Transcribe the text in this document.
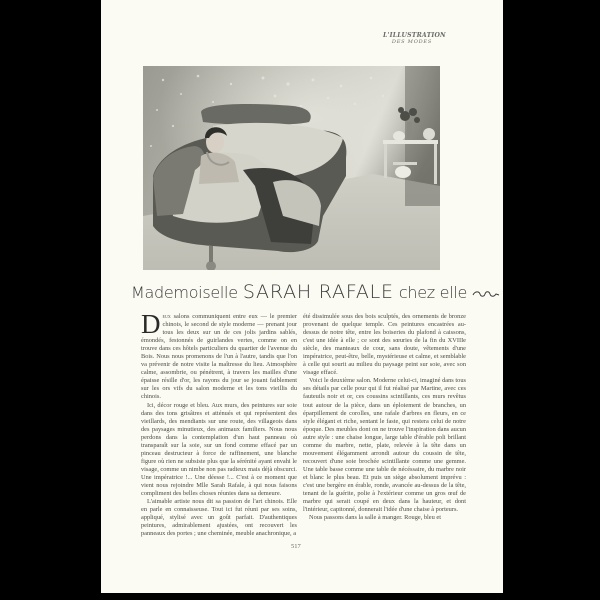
L'ILLUSTRATION
DES MODES
Mademoiselle SARAH RAFALE chez elle

Deux salons communiquent entre eux — le premier chinois, le second de style moderne — prenant jour tous les deux sur un de ces jolis jardins sablés, émondés, festonnés de guirlandes vertes, comme on en trouve dans ces hôtels particuliers du quartier de l'avenue du Bois. Nous nous promenons de l'un à l'autre, tandis que l'on va prévenir de notre visite la maîtresse du lieu. Atmosphère calme, assombrie, ou pénétrent, à travers les mailles d'une épaisse résille d'or, les rayons du jour se jouant faiblement sur les ors vifs du salon moderne et les tons vieillis du chinois.

Ici, décor rouge et bleu. Aux murs, des peintures sur soie dans des tons grisâtres et atténués et qui représentent des vieillards, des mendiants sur une route, des villageois dans des paysages minutieux, des animaux familiers. Nous nous perdons dans la contemplation d'un haut panneau où transparaît sur la soie, sur un fond comme effacé par un pinceau destructeur à force de raffinement, une blanche figure où rien ne subsiste plus que la sérénité ayant envahi le visage, comme un nimbe non pas radieux mais déjà obscurci. Une impératrice !... Une déesse !... C'est à ce moment que vient nous rejoindre Mlle Sarah Rafale, à qui nous faisons compliment des belles choses réunies dans sa demeure.

L'aimable artiste nous dit sa passion de l'art chinois. Elle en parle en connaisseuse. Tout ici fut réuni par ses soins, appliqué, stylisé avec un goût parfait. D'authentiques peintures, admirablement ajustées, ont recouvert les panneaux des portes ; une cheminée, meuble anachronique, a

été dissimulée sous des bois sculptés, des ornements de bronze provenant de quelque temple. Ces peintures encastrées au-dessus de notre tête, entre les boiseries du plafond à caissons, c'est une idée à elle ; ce sont des sœuries de la fin du XVIIIe siècle, des manteaux de cour, sans doute, vêtements d'une impératrice, peut-être, belle, mystérieuse et calme, et semblable à celle qui sourit au milieu du paysage peint sur soie, avec son visage effacé.

Voici le deuxième salon. Moderne celui-ci, imaginé dans tous ses détails par celle pour qui il fut réalisé par Martine, avec ces fauteuils noir et or, ces coussins scintillants, ces murs revêtus tout autour de la pièce, dans un éploiement de branches, un éparpillement de corolles, une rafale d'arbres en fleurs, en ce style élégant et riche, sentant le faste, qui restera celui de notre époque. Des meubles dont on ne trouve l'inspiration dans aucun autre style : une chaise longue, large table d'érable poli brillant comme du marbre, nette, plate, relevée à la tête dans un mouvement élégamment arrondi autour du coussin de tête, recouvert d'une soie brochée scintillante comme une gemme. Une table basse comme une table de nécéssaire, du marbre noir et blanc le plus beau. Et puis un siège absolument imprévu : c'est une bergère en érable, ronde, avancée au-dessus de la tête, tenant de la guérite, polie à l'extérieur comme un gros œuf de marbre qui serait coupé en deux dans la hauteur, et dont l'intérieur, capitonné, donnerait l'idée d'une chaise à porteurs.

Nous passons dans la salle à manger. Rouge, bleu et

517
